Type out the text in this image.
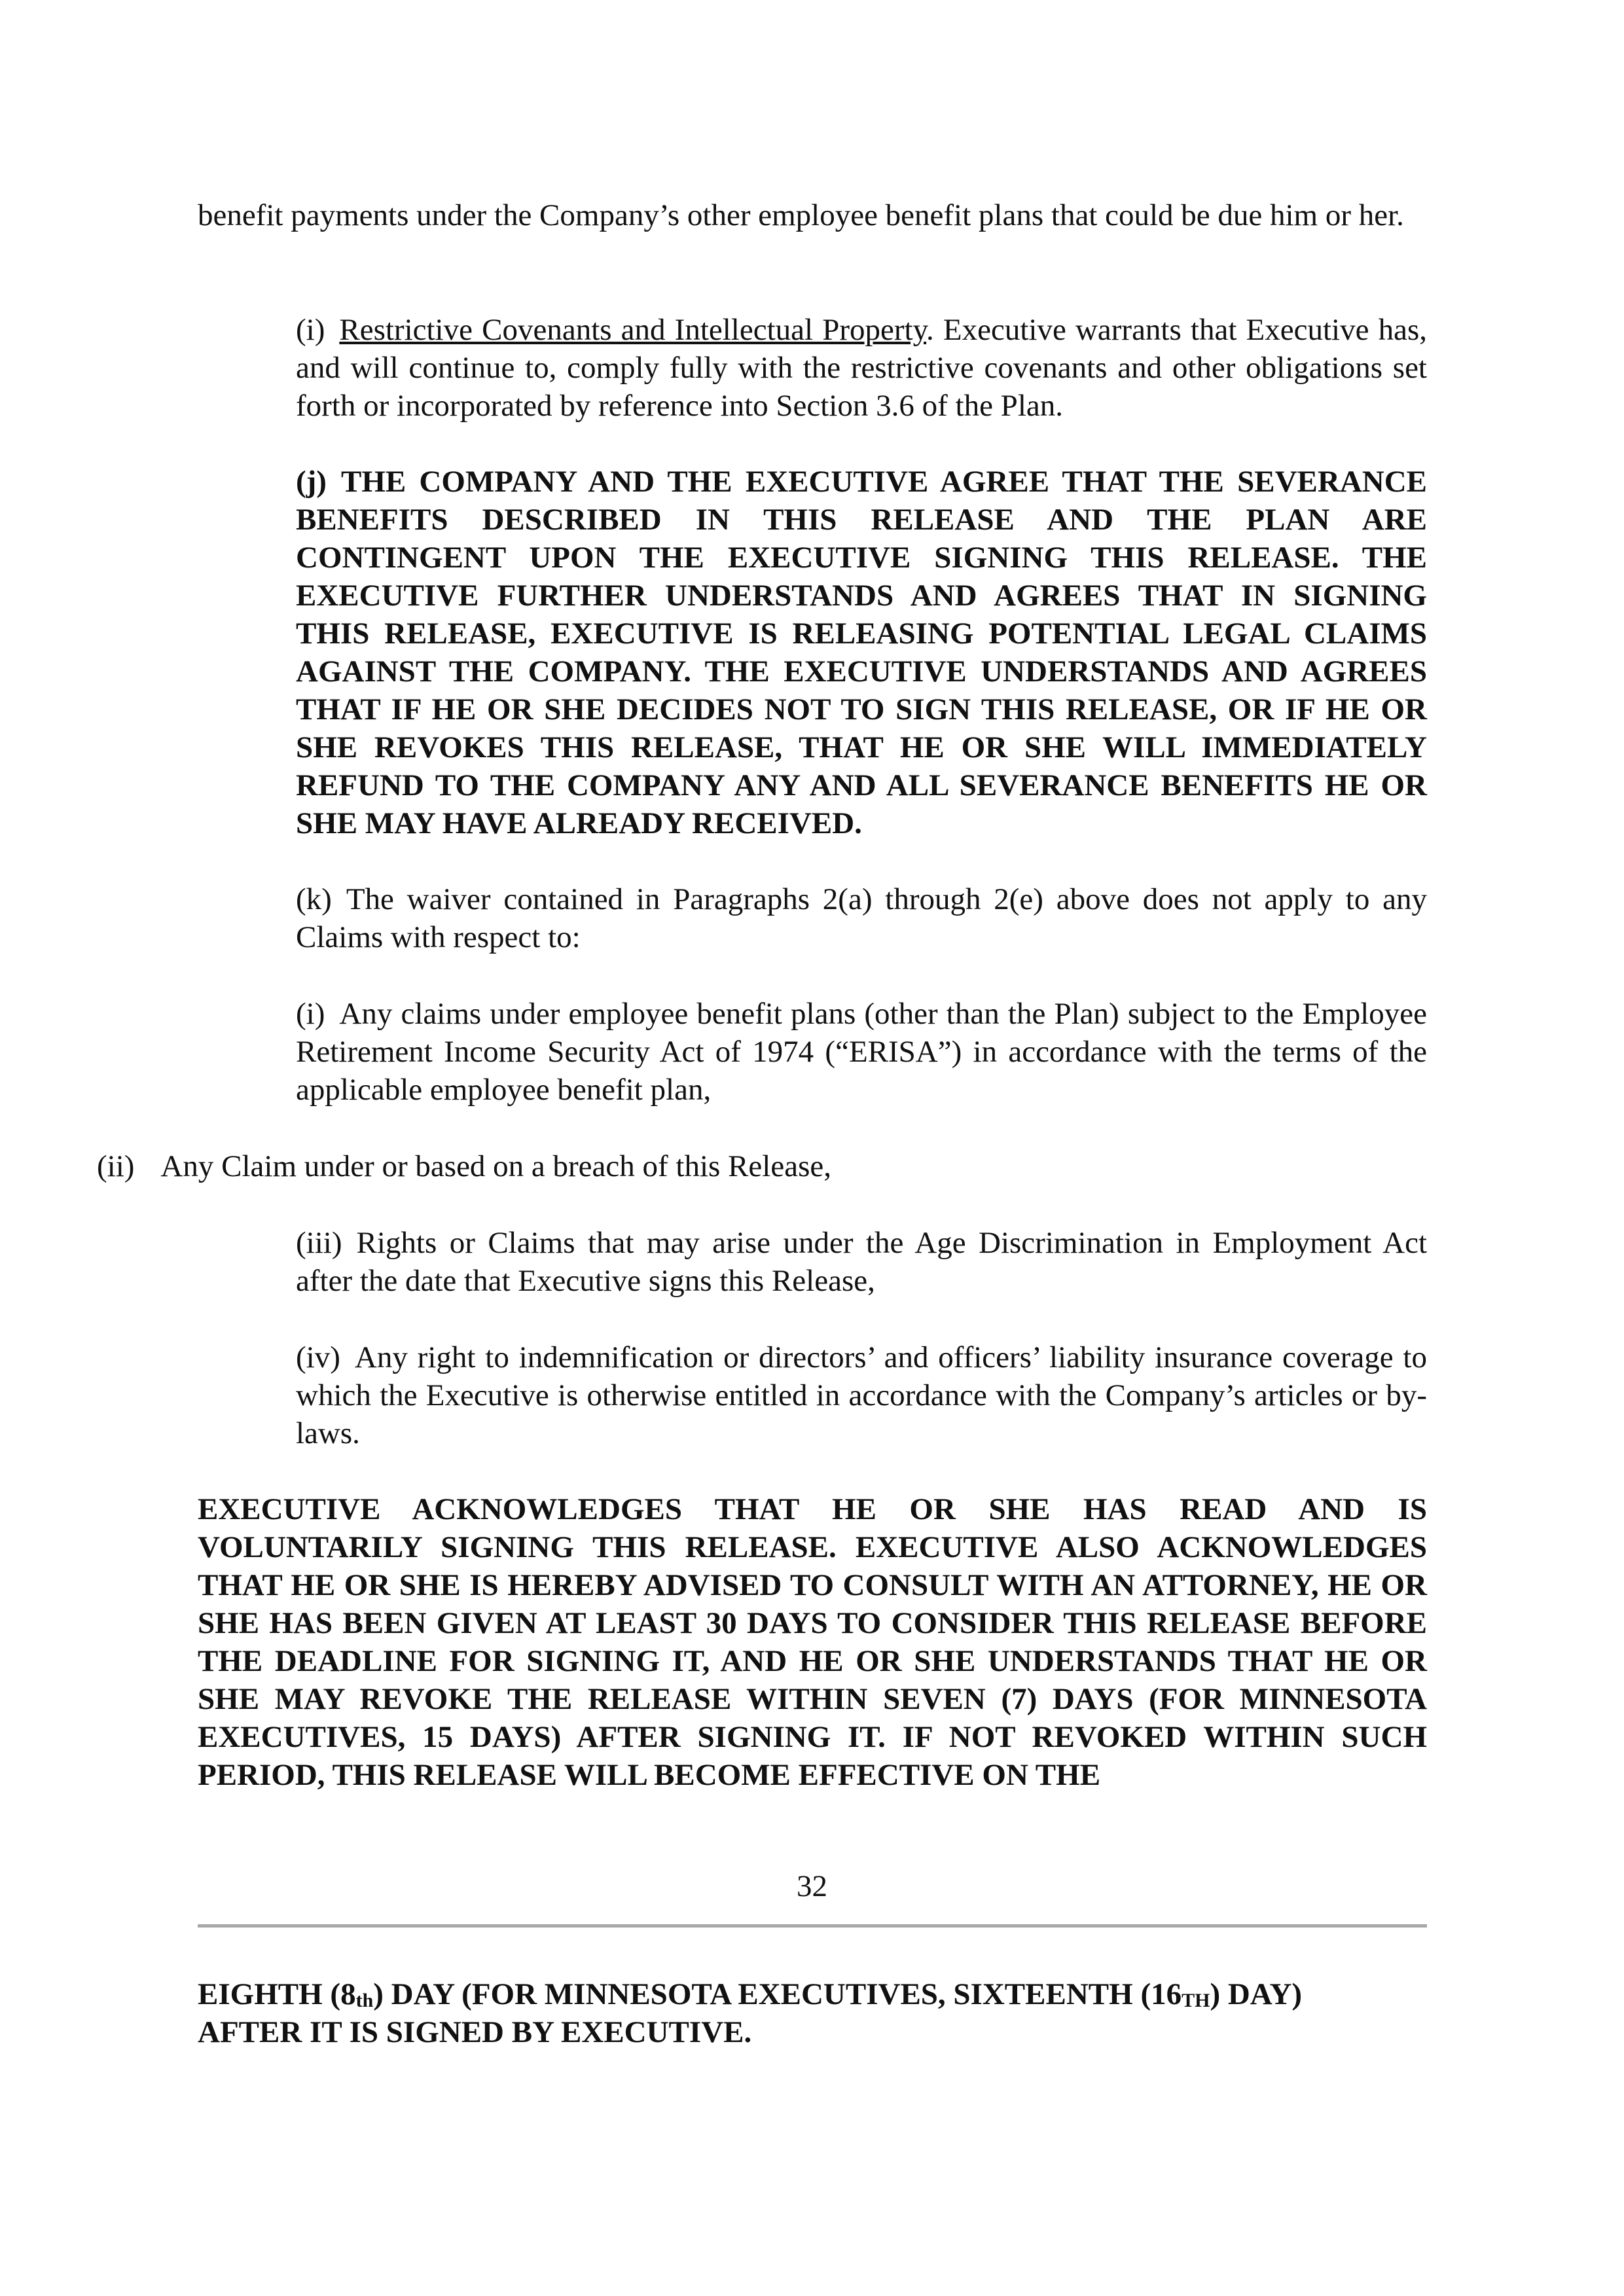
benefit payments under the Company’s other employee benefit plans that could be due him or her.

(i) Restrictive Covenants and Intellectual Property. Executive warrants that Executive has, and will continue to, comply fully with the restrictive covenants and other obligations set forth or incorporated by reference into Section 3.6 of the Plan.

(j) THE COMPANY AND THE EXECUTIVE AGREE THAT THE SEVERANCE BENEFITS DESCRIBED IN THIS RELEASE AND THE PLAN ARE CONTINGENT UPON THE EXECUTIVE SIGNING THIS RELEASE. THE EXECUTIVE FURTHER UNDERSTANDS AND AGREES THAT IN SIGNING THIS RELEASE, EXECUTIVE IS RELEASING POTENTIAL LEGAL CLAIMS AGAINST THE COMPANY. THE EXECUTIVE UNDERSTANDS AND AGREES THAT IF HE OR SHE DECIDES NOT TO SIGN THIS RELEASE, OR IF HE OR SHE REVOKES THIS RELEASE, THAT HE OR SHE WILL IMMEDIATELY REFUND TO THE COMPANY ANY AND ALL SEVERANCE BENEFITS HE OR SHE MAY HAVE ALREADY RECEIVED.

(k) The waiver contained in Paragraphs 2(a) through 2(e) above does not apply to any Claims with respect to:

(i) Any claims under employee benefit plans (other than the Plan) subject to the Employee Retirement Income Security Act of 1974 (“ERISA”) in accordance with the terms of the applicable employee benefit plan,

(ii) Any Claim under or based on a breach of this Release,

(iii) Rights or Claims that may arise under the Age Discrimination in Employment Act after the date that Executive signs this Release,

(iv) Any right to indemnification or directors’ and officers’ liability insurance coverage to which the Executive is otherwise entitled in accordance with the Company’s articles or by-laws.

EXECUTIVE ACKNOWLEDGES THAT HE OR SHE HAS READ AND IS VOLUNTARILY SIGNING THIS RELEASE. EXECUTIVE ALSO ACKNOWLEDGES THAT HE OR SHE IS HEREBY ADVISED TO CONSULT WITH AN ATTORNEY, HE OR SHE HAS BEEN GIVEN AT LEAST 30 DAYS TO CONSIDER THIS RELEASE BEFORE THE DEADLINE FOR SIGNING IT, AND HE OR SHE UNDERSTANDS THAT HE OR SHE MAY REVOKE THE RELEASE WITHIN SEVEN (7) DAYS (FOR MINNESOTA EXECUTIVES, 15 DAYS) AFTER SIGNING IT. IF NOT REVOKED WITHIN SUCH PERIOD, THIS RELEASE WILL BECOME EFFECTIVE ON THE

32

EIGHTH $(8_{th})$ DAY (FOR MINNESOTA EXECUTIVES, SIXTEENTH $(16_{TH})$ DAY)
AFTER IT IS SIGNED BY EXECUTIVE.
